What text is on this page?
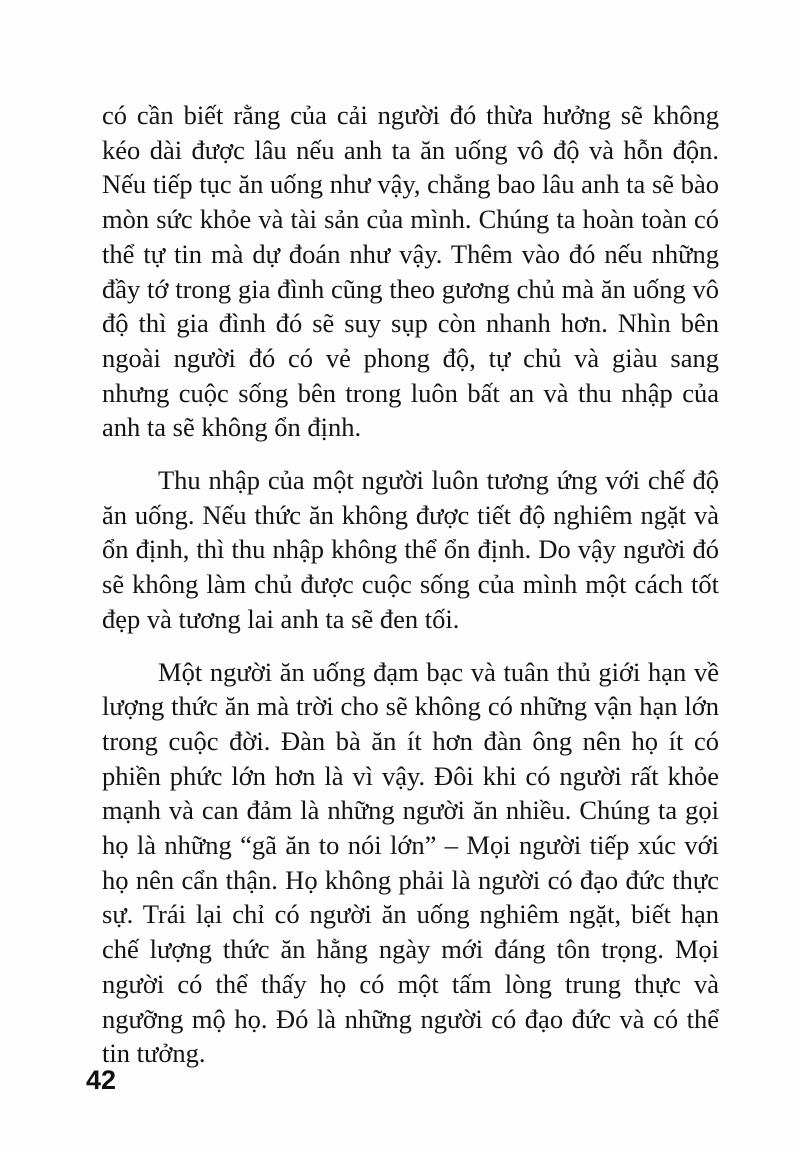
có cần biết rằng của cải người đó thừa hưởng sẽ không kéo dài được lâu nếu anh ta ăn uống vô độ và hỗn độn. Nếu tiếp tục ăn uống như vậy, chẳng bao lâu anh ta sẽ bào mòn sức khỏe và tài sản của mình. Chúng ta hoàn toàn có thể tự tin mà dự đoán như vậy. Thêm vào đó nếu những đầy tớ trong gia đình cũng theo gương chủ mà ăn uống vô độ thì gia đình đó sẽ suy sụp còn nhanh hơn. Nhìn bên ngoài người đó có vẻ phong độ, tự chủ và giàu sang nhưng cuộc sống bên trong luôn bất an và thu nhập của anh ta sẽ không ổn định.

Thu nhập của một người luôn tương ứng với chế độ ăn uống. Nếu thức ăn không được tiết độ nghiêm ngặt và ổn định, thì thu nhập không thể ổn định. Do vậy người đó sẽ không làm chủ được cuộc sống của mình một cách tốt đẹp và tương lai anh ta sẽ đen tối.

Một người ăn uống đạm bạc và tuân thủ giới hạn về lượng thức ăn mà trời cho sẽ không có những vận hạn lớn trong cuộc đời. Đàn bà ăn ít hơn đàn ông nên họ ít có phiền phức lớn hơn là vì vậy. Đôi khi có người rất khỏe mạnh và can đảm là những người ăn nhiều. Chúng ta gọi họ là những “gã ăn to nói lớn” – Mọi người tiếp xúc với họ nên cẩn thận. Họ không phải là người có đạo đức thực sự. Trái lại chỉ có người ăn uống nghiêm ngặt, biết hạn chế lượng thức ăn hằng ngày mới đáng tôn trọng. Mọi người có thể thấy họ có một tấm lòng trung thực và ngưỡng mộ họ. Đó là những người có đạo đức và có thể tin tưởng.

42
